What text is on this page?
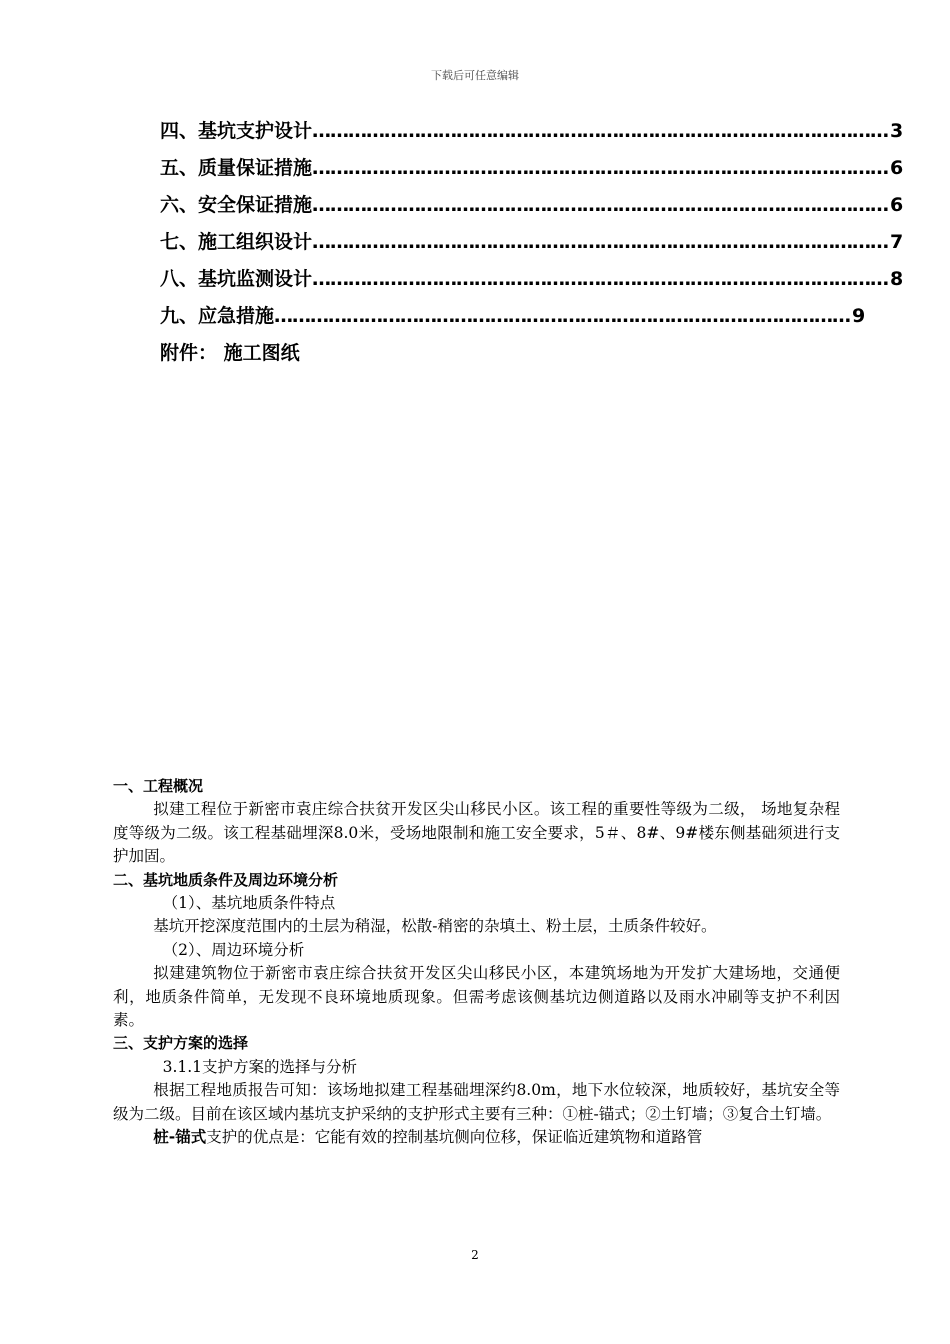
下载后可任意编辑
四、基坑支护设计 …………………………………………………………………………………… 3
五、质量保证措施 …………………………………………………………………………………… 6
六、安全保证措施 …………………………………………………………………………………… 6
七、施工组织设计 …………………………………………………………………………………… 7
八、基坑监测设计 …………………………………………………………………………………… 8
九、应急措施 …………………………………………………………………………………… 9
附件： 施工图纸
一、工程概况
拟建工程位于新密市袁庄综合扶贫开发区尖山移民小区。该工程的重要性等级为二级， 场地复杂程度等级为二级。该工程基础埋深8.0米，受场地限制和施工安全要求，5＃、8#、9#楼东侧基础须进行支护加固。
二、基坑地质条件及周边环境分析
（1）、基坑地质条件特点
基坑开挖深度范围内的土层为稍湿，松散-稍密的杂填土、粉土层，土质条件较好。
（2）、周边环境分析
拟建建筑物位于新密市袁庄综合扶贫开发区尖山移民小区，本建筑场地为开发扩大建场地，交通便利，地质条件简单，无发现不良环境地质现象。但需考虑该侧基坑边侧道路以及雨水冲刷等支护不利因素。
三、支护方案的选择
3.1.1支护方案的选择与分析
根据工程地质报告可知：该场地拟建工程基础埋深约8.0m，地下水位较深，地质较好，基坑安全等级为二级。目前在该区域内基坑支护采纳的支护形式主要有三种：①桩-锚式；②土钉墙；③复合土钉墙。
桩-锚式支护的优点是：它能有效的控制基坑侧向位移，保证临近建筑物和道路管
2
